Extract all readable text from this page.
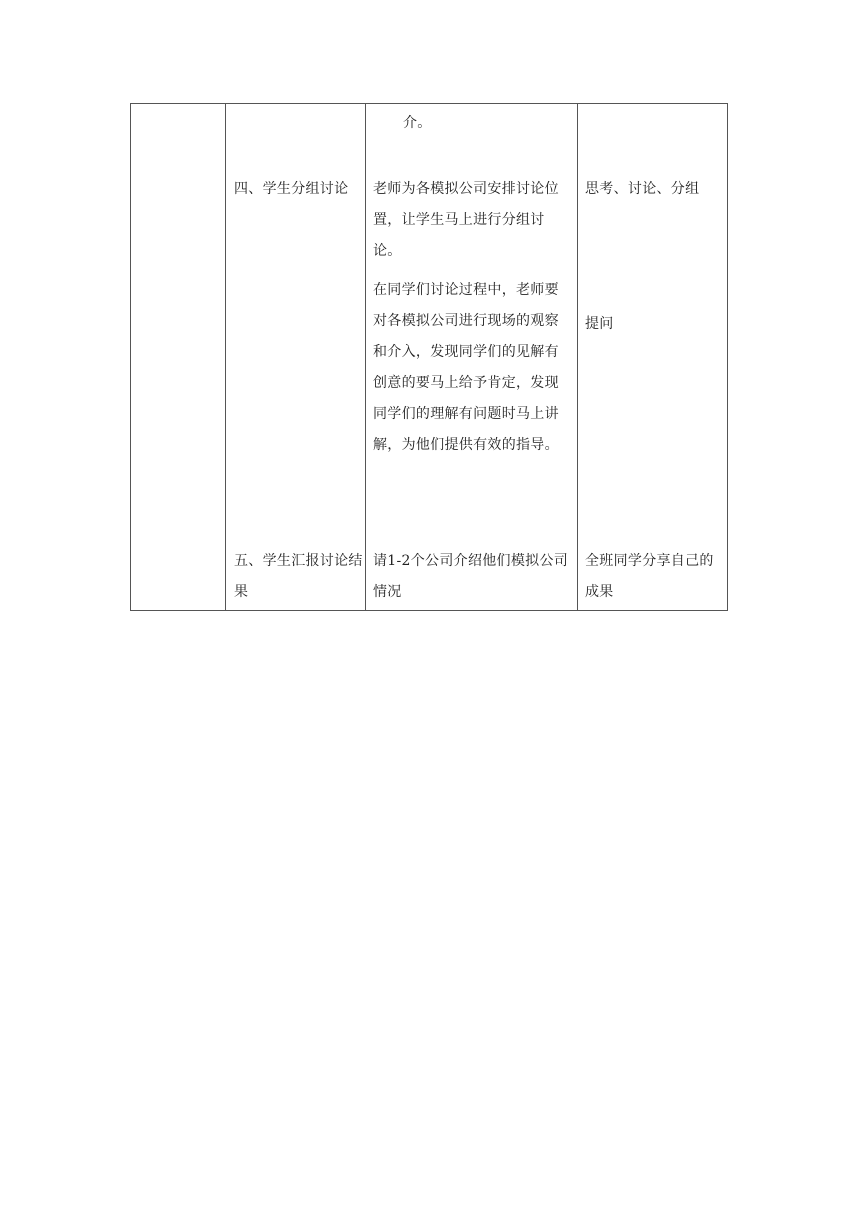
介。
四、学生分组讨论	老师为各模拟公司安排讨论位置，让学生马上进行分组讨论。
在同学们讨论过程中，老师要对各模拟公司进行现场的观察和介入，发现同学们的见解有创意的要马上给予肯定，发现同学们的理解有问题时马上讲解，为他们提供有效的指导。
思考、讨论、分组
提问
五、学生汇报讨论结果
请1-2个公司介绍他们模拟公司情况
全班同学分享自己的成果
